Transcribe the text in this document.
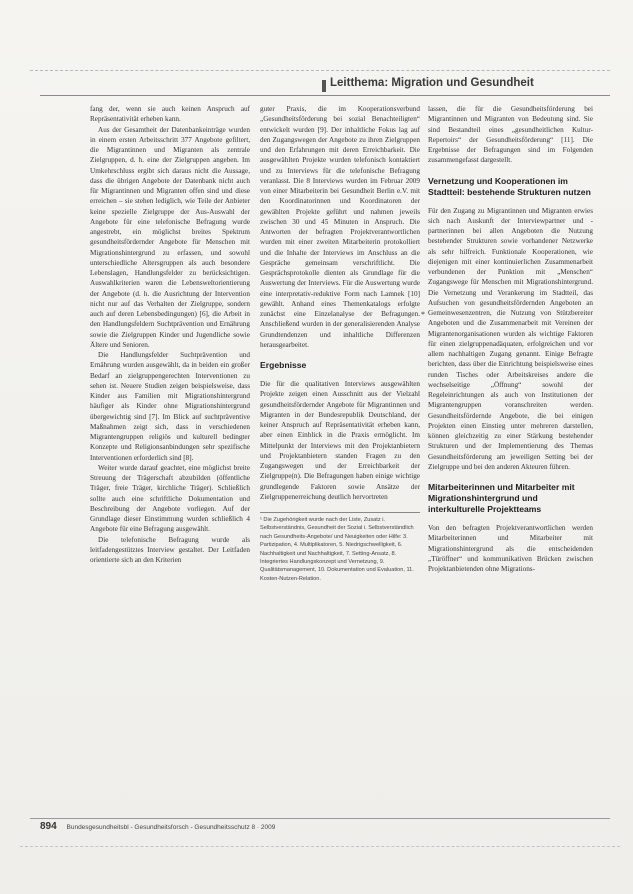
Leitthema: Migration und Gesundheit

fang der, wenn sie auch keinen Anspruch auf Repräsentativität erheben kann.

Aus der Gesamtheit der Datenbankeinträge wurden in einem ersten Arbeitsschritt 377 Angebote gefiltert, die Migrantinnen und Migranten als zentrale Zielgruppen, d. h. eine der Zielgruppen angeben. Im Umkehrschluss ergibt sich daraus nicht die Aussage, dass die übrigen Angebote der Datenbank nicht auch für Migrantinnen und Migranten offen sind und diese erreichen – sie stehen lediglich, wie Teile der Anbieter keine spezielle Zielgruppe der Aus-Auswahl der Angebote für eine telefonische Befragung wurde angestrebt, ein möglichst breites Spektrum gesundheitsfördernder Angebote für Menschen mit Migrationshintergrund zu erfassen, und sowohl unterschiedliche Altersgruppen als auch besondere Lebenslagen, Handlungsfelder zu berücksichtigen. Auswahlkriterien waren die Lebensweltorientierung der Angebote (d. h. die Ausrichtung der Intervention nicht nur auf das Verhalten der Zielgruppe, sondern auch auf deren Lebensbedingungen) [6], die Arbeit in den Handlungsfeldern Suchtprävention und Ernährung sowie die Zielgruppen Kinder und Jugendliche sowie Ältere und Senioren.

Die Handlungsfelder Suchtprävention und Ernährung wurden ausgewählt, da in beiden ein großer Bedarf an zielgruppengerechten Interventionen zu sehen ist. Neuere Studien zeigen beispielsweise, dass Kinder aus Familien mit Migrationshintergrund häufiger als Kinder ohne Migrationshintergrund übergewichtig sind [7]. Im Blick auf suchtpräventive Maßnahmen zeigt sich, dass in verschiedenen Migrantengruppen religiös und kulturell bedingter Konzepte und Religionsanbindungen sehr spezifische Interventionen erforderlich sind [8].

Weiter wurde darauf geachtet, eine möglichst breite Streuung der Trägerschaft abzubilden (öffentliche Träger, freie Träger, kirchliche Träger). Schließlich sollte auch eine schriftliche Dokumentation und Beschreibung der Angebote vorliegen. Auf der Grundlage dieser Einstimmung wurden schließlich 4 Angebote für eine Befragung ausgewählt.

Die telefonische Befragung wurde als leitfadengestütztes Interview gestaltet. Der Leitfaden orientierte sich an den Kriterien

guter Praxis, die im Kooperationsverbund „Gesundheitsförderung bei sozial Benachteiligten“ entwickelt wurden [9]. Der inhaltliche Fokus lag auf den Zugangswegen der Angebote zu ihren Zielgruppen und den Erfahrungen mit deren Erreichbarkeit. Die ausgewählten Projekte wurden telefonisch kontaktiert und zu Interviews für die telefonische Befragung veranlasst. Die 8 Interviews wurden im Februar 2009 von einer Mitarbeiterin bei Gesundheit Berlin e.V. mit den Koordinatorinnen und Koordinatoren der gewählten Projekte geführt und nahmen jeweils zwischen 30 und 45 Minuten in Anspruch. Die Antworten der befragten Projektverantwortlichen wurden mit einer zweiten Mitarbeiterin protokolliert und die Inhalte der Interviews im Anschluss an die Gespräche gemeinsam verschriftlicht. Die Gesprächsprotokolle dienten als Grundlage für die Auswertung der Interviews. Für die Auswertung wurde eine interpretativ-reduktive Form nach Lamnek [10] gewählt. Anhand eines Themenkatalogs erfolgte zunächst eine Einzelanalyse der Befragungen. Anschließend wurden in der generalisierenden Analyse Grundtendenzen und inhaltliche Differenzen herausgearbeitet.

Ergebnisse

Die für die qualitativen Interviews ausgewählten Projekte zeigen einen Ausschnitt aus der Vielzahl gesundheitsfördernder Angebote für Migrantinnen und Migranten in der Bundesrepublik Deutschland, der keiner Anspruch auf Repräsentativität erheben kann, aber einen Einblick in die Praxis ermöglicht. Im Mittelpunkt der Interviews mit den Projektanbietern und Projektanbietern standen Fragen zu den Zugangswegen und der Erreichbarkeit der Zielgruppe(n). Die Befragungen haben einige wichtige grundlegende Faktoren sowie Ansätze der Zielgruppenerreichung deutlich hervortreten

¹ Die Zugehörigkeit wurde nach der Liste, Zusatz i. Selbstverständnis, Gesundheit der Sozial i. Selbstverständlich nach Gesundheits-Angebote/ und Neuigkeiten oder Hilfe: 3. Partizipation, 4. Multiplikatoren, 5. Niedrigschwelligkeit, 6. Nachhaltigkeit und Nachhaltigkeit, 7. Setting-Ansatz, 8. Integriertes Handlungskonzept und Vernetzung, 9. Qualitätsmanagement, 10. Dokumentation und Evaluation, 11. Kosten-Nutzen-Relation.

lassen, die für die Gesundheitsförderung bei Migrantinnen und Migranten von Bedeutung sind. Sie sind Bestandteil eines „gesundheitlichen Kultur-Repertoirs“ der Gesundheitsförderung“ [11]. Die Ergebnisse der Befragungen sind im Folgenden zusammengefasst dargestellt.

Vernetzung und Kooperationen im Stadtteil: bestehende Strukturen nutzen

Für den Zugang zu Migrantinnen und Migranten erwies sich nach Auskunft der Interviewpartner und -partnerinnen bei allen Angeboten die Nutzung bestehender Strukturen sowie vorhandener Netzwerke als sehr hilfreich. Funktionale Kooperationen, wie diejenigen mit einer kontinuierlichen Zusammenarbeit verbundenen der Punktion mit „Menschen“ Zugangswege für Menschen mit Migrationshintergrund. Die Vernetzung und Verankerung im Stadtteil, das Aufsuchen von gesundheitsfördernden Angeboten an Gemeinwesenzentren, die Nutzung von Stützbereiter Angeboten und die Zusammenarbeit mit Vereinen der Migrantenorganisationen wurden als wichtige Faktoren für einen zielgruppenadäquaten, erfolgreichen und vor allem nachhaltigen Zugang genannt. Einige Befragte berichten, dass über die Einrichtung beispielsweise eines runden Tisches oder Arbeitskreises andere die wechselseitige „Öffnung“ sowohl der Regeleinrichtungen als auch von Institutionen der Migrantengruppen voranschreiten werden. Gesundheitsfördernde Angebote, die bei einigen Projekten einen Einstieg unter mehreren darstellen, können gleichzeitig zu einer Stärkung bestehender Strukturen und der Implementierung des Themas Gesundheitsförderung am jeweiligen Setting bei der Zielgruppe und bei den anderen Akteuren führen.

Mitarbeiterinnen und Mitarbeiter mit Migrationshintergrund und interkulturelle Projektteams

Von den befragten Projektverantwortlichen werden Mitarbeiterinnen und Mitarbeiter mit Migrationshintergrund als die entscheidenden „Türöffner“ und kommunikativen Brücken zwischen Projektanbietenden ohne Migrations-

*
894 Bundesgesundheitsbl - Gesundheitsforsch - Gesundheitsschutz 8 · 2009
